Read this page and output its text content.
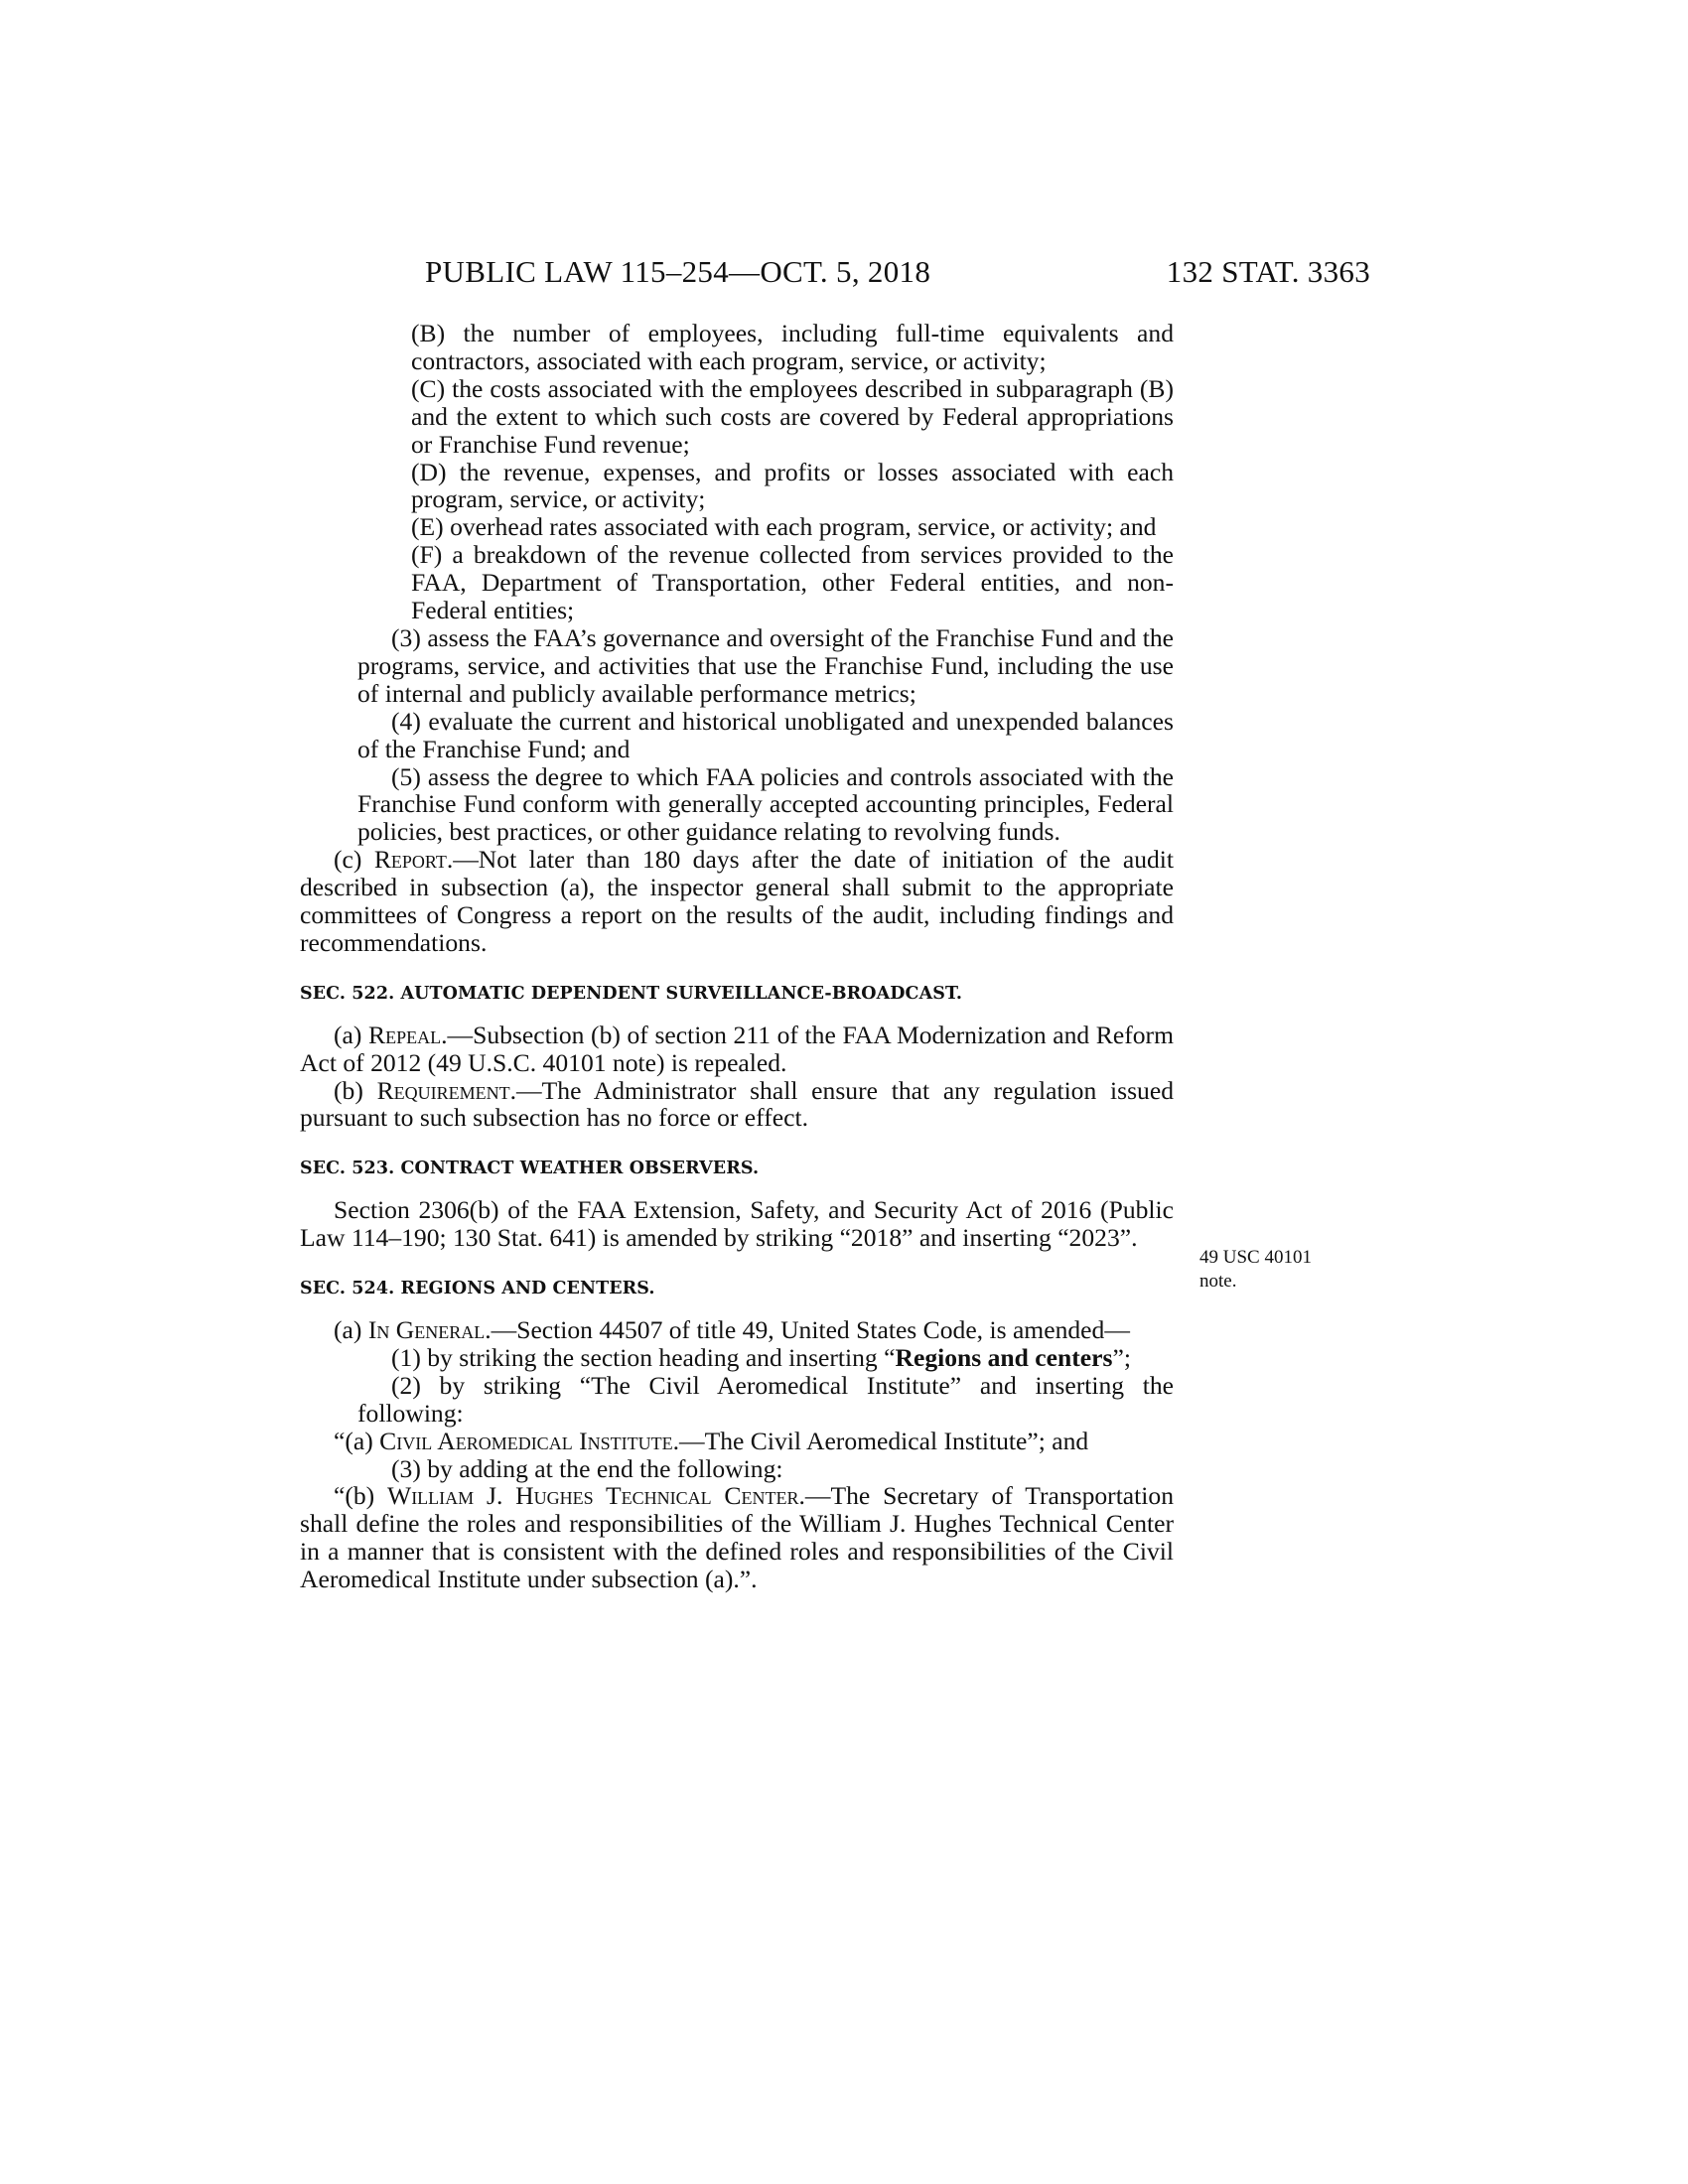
PUBLIC LAW 115–254—OCT. 5, 2018	132 STAT. 3363
49 USC 40101 note.

(B) the number of employees, including full-time equivalents and contractors, associated with each program, service, or activity;

(C) the costs associated with the employees described in subparagraph (B) and the extent to which such costs are covered by Federal appropriations or Franchise Fund revenue;

(D) the revenue, expenses, and profits or losses associated with each program, service, or activity;

(E) overhead rates associated with each program, service, or activity; and

(F) a breakdown of the revenue collected from services provided to the FAA, Department of Transportation, other Federal entities, and non-Federal entities;

(3) assess the FAA’s governance and oversight of the Franchise Fund and the programs, service, and activities that use the Franchise Fund, including the use of internal and publicly available performance metrics;

(4) evaluate the current and historical unobligated and unexpended balances of the Franchise Fund; and

(5) assess the degree to which FAA policies and controls associated with the Franchise Fund conform with generally accepted accounting principles, Federal policies, best practices, or other guidance relating to revolving funds.

(c) Report.—Not later than 180 days after the date of initiation of the audit described in subsection (a), the inspector general shall submit to the appropriate committees of Congress a report on the results of the audit, including findings and recommendations.

SEC. 522. AUTOMATIC DEPENDENT SURVEILLANCE-BROADCAST.

(a) Repeal.—Subsection (b) of section 211 of the FAA Modernization and Reform Act of 2012 (49 U.S.C. 40101 note) is repealed.

(b) Requirement.—The Administrator shall ensure that any regulation issued pursuant to such subsection has no force or effect.

SEC. 523. CONTRACT WEATHER OBSERVERS.

Section 2306(b) of the FAA Extension, Safety, and Security Act of 2016 (Public Law 114–190; 130 Stat. 641) is amended by striking “2018” and inserting “2023”.

SEC. 524. REGIONS AND CENTERS.

(a) In General.—Section 44507 of title 49, United States Code, is amended—

(1) by striking the section heading and inserting “Regions and centers”;

(2) by striking “The Civil Aeromedical Institute” and inserting the following:

“(a) Civil Aeromedical Institute.—The Civil Aeromedical Institute”; and

(3) by adding at the end the following:

“(b) William J. Hughes Technical Center.—The Secretary of Transportation shall define the roles and responsibilities of the William J. Hughes Technical Center in a manner that is consistent with the defined roles and responsibilities of the Civil Aeromedical Institute under subsection (a).”.
